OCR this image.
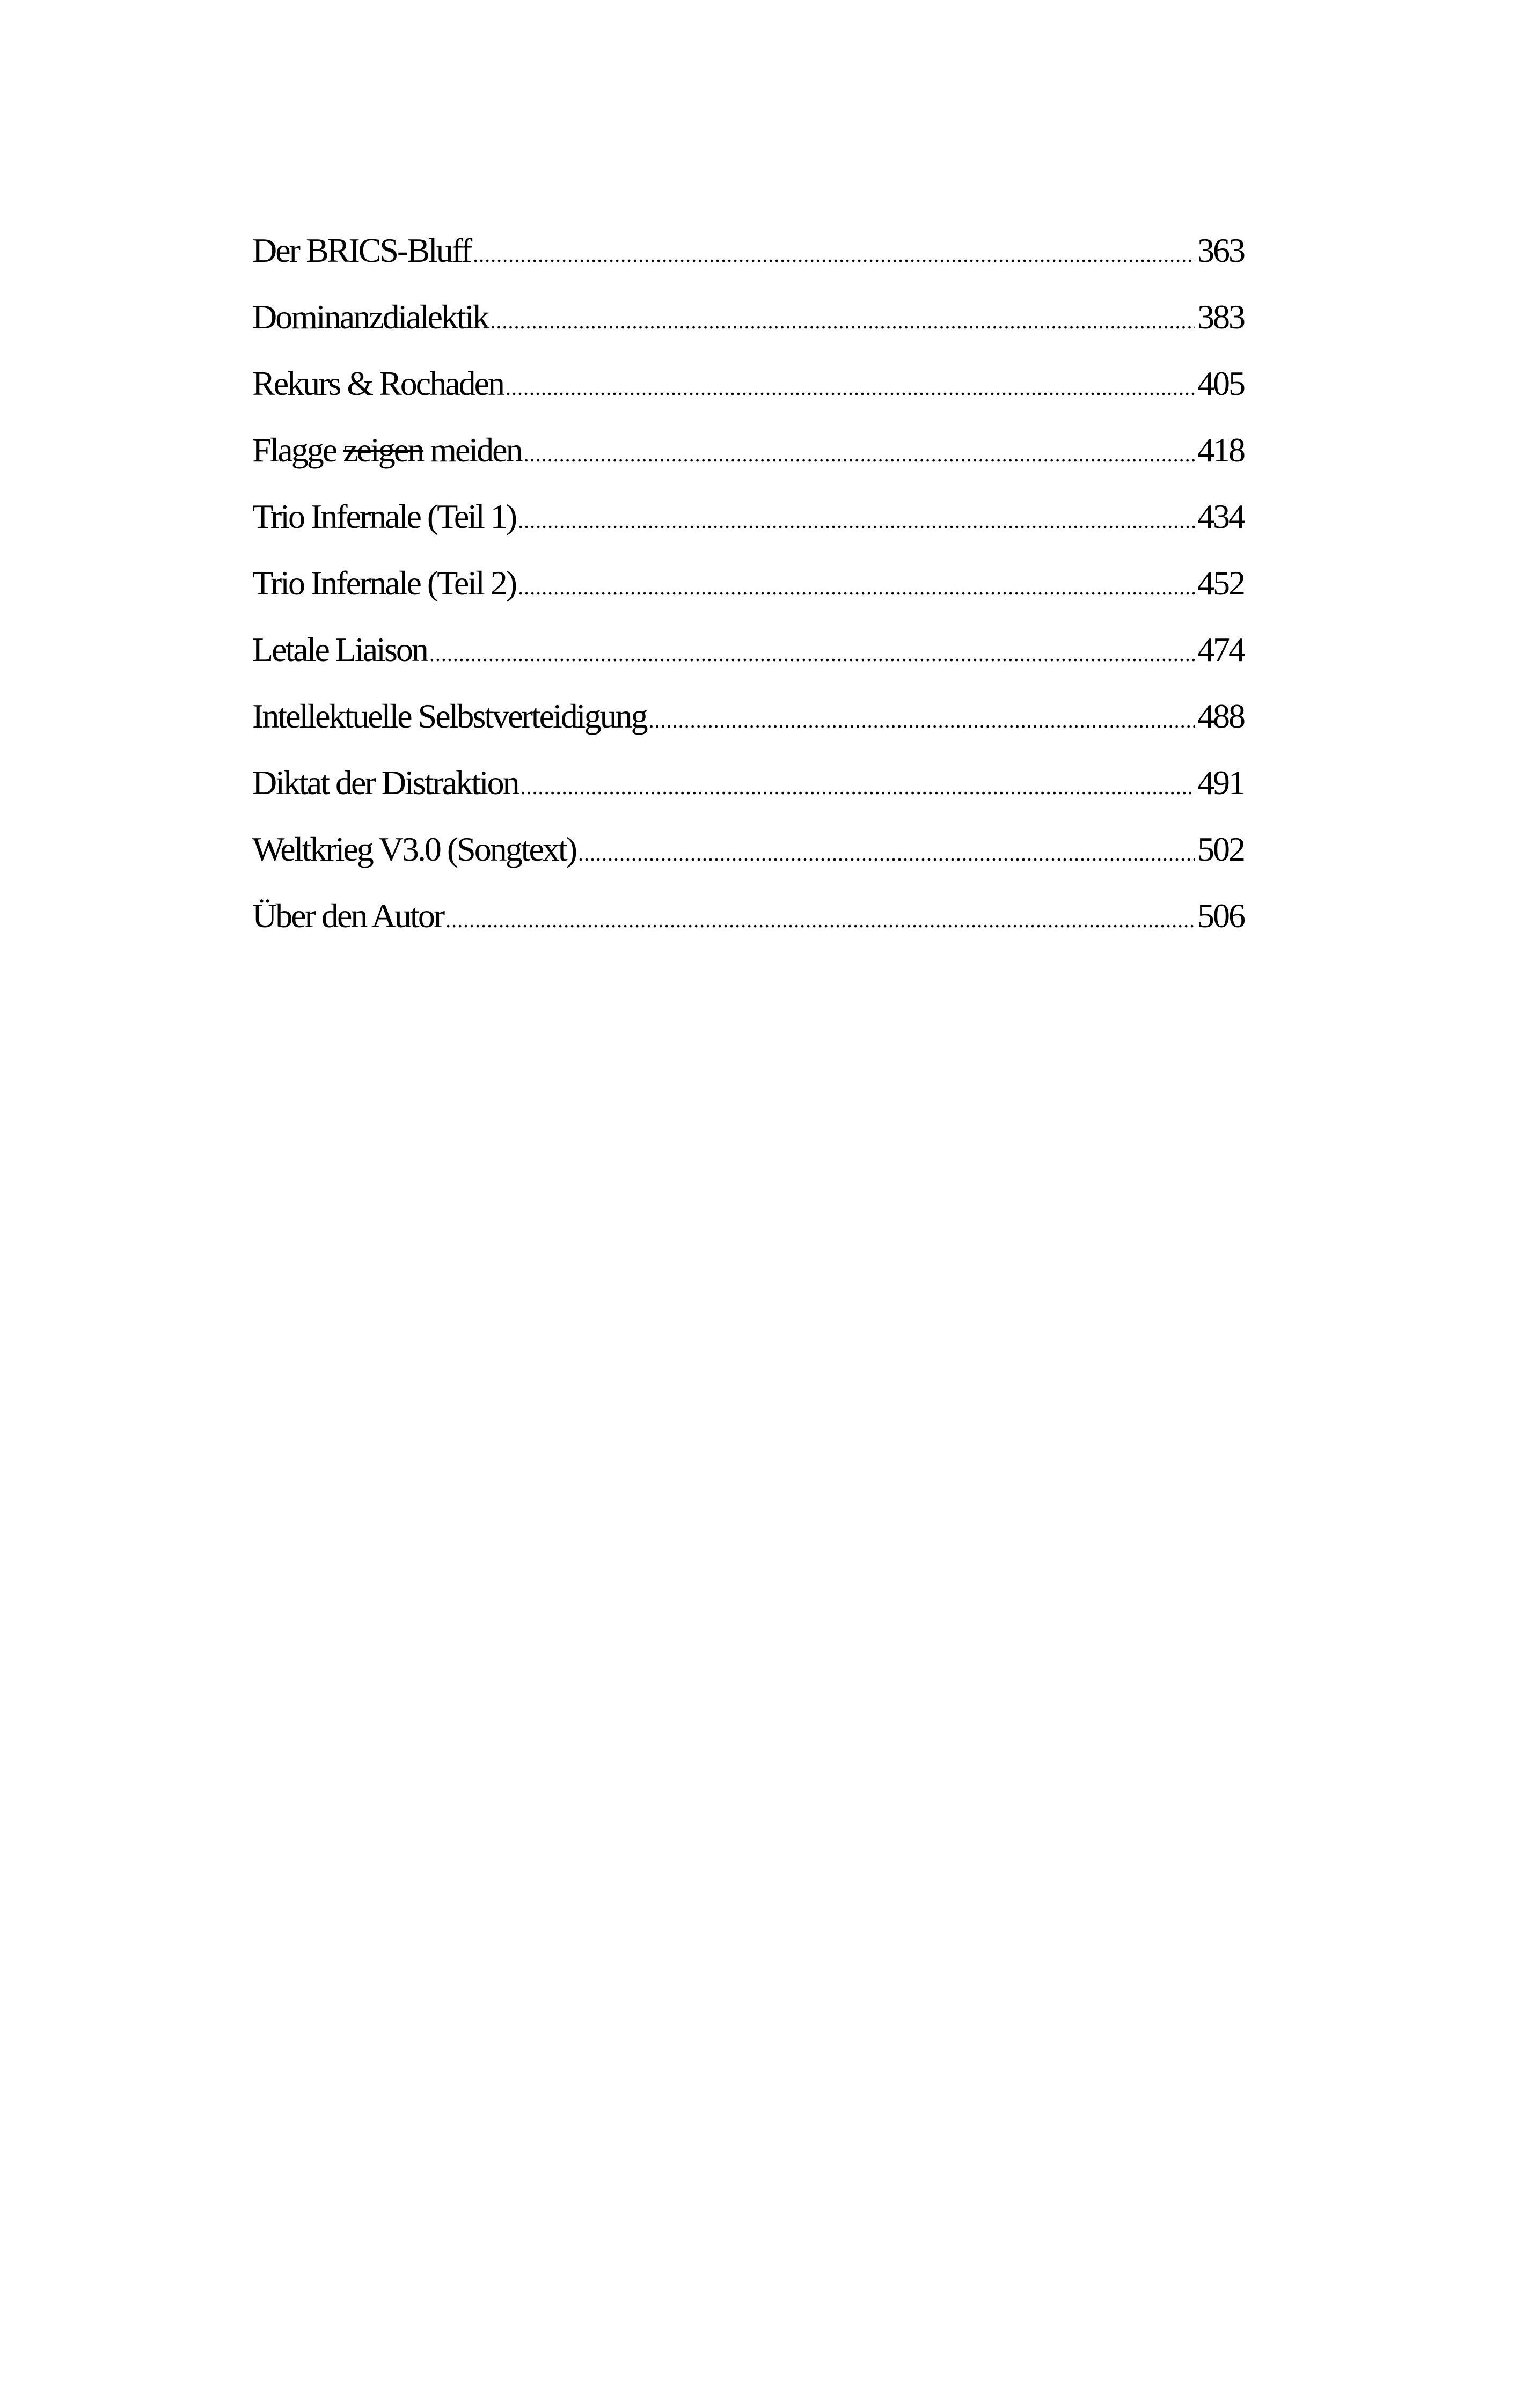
Der BRICS-Bluff .....	363
Dominanzdialektik .....	383
Rekurs & Rochaden .....	405
Flagge zeigen meiden .....	418
Trio Infernale (Teil 1) .....	434
Trio Infernale (Teil 2) .....	452
Letale Liaison .....	474
Intellektuelle Selbstverteidigung .....	488
Diktat der Distraktion .....	491
Weltkrieg V3.0 (Songtext) .....	502
Über den Autor .....	506
